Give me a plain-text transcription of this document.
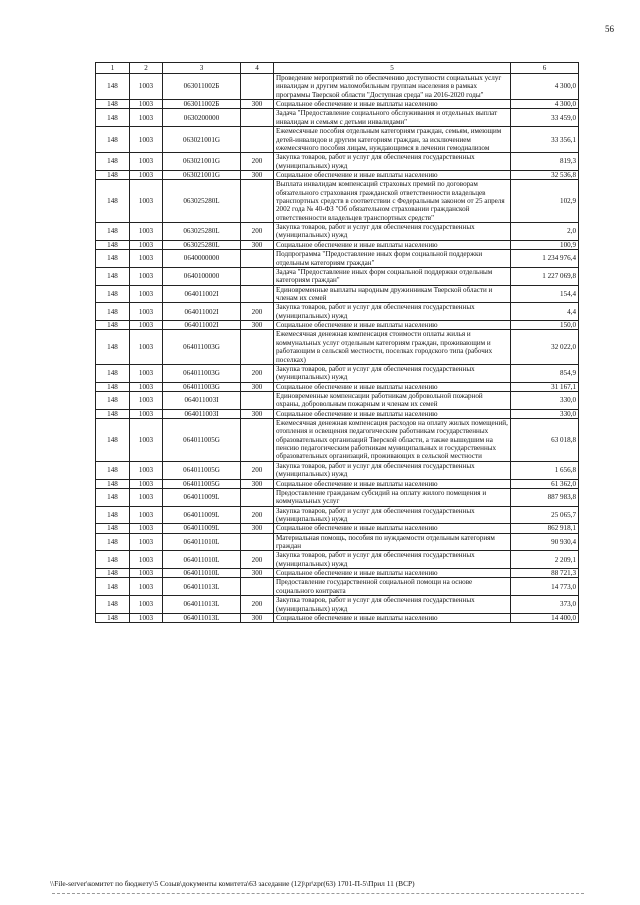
56
1	2	3	4	5	6
148	1003	063011002Б		Проведение мероприятий по обеспечению доступности социальных услуг инвалидам и другим маломобильным группам населения в рамках программы Тверской области "Доступная среда" на 2016-2020 годы"	4 300,0
148	1003	063011002Б	300	Социальное обеспечение и иные выплаты населению	4 300,0
148	1003	0630200000		Задача "Предоставление социального обслуживания и отдельных выплат инвалидам и семьям с детьми инвалидами"	33 459,0
148	1003	063021001G		Ежемесячные пособия отдельным категориям граждан, семьям, имеющим детей-инвалидов и другим категориям граждан, за исключением ежемесячного пособия лицам, нуждающимся в лечении гемодиализом	33 356,1
148	1003	063021001G	200	Закупка товаров, работ и услуг для обеспечения государственных (муниципальных) нужд	819,3
148	1003	063021001G	300	Социальное обеспечение и иные выплаты населению	32 536,8
148	1003	063025280L		Выплата инвалидам компенсаций страховых премий по договорам обязательного страхования гражданской ответственности владельцев транспортных средств в соответствии с Федеральным законом от 25 апреля 2002 года № 40-ФЗ "Об обязательном страховании гражданской ответственности владельцев транспортных средств"	102,9
148	1003	063025280L	200	Закупка товаров, работ и услуг для обеспечения государственных (муниципальных) нужд	2,0
148	1003	063025280L	300	Социальное обеспечение и иные выплаты населению	100,9
148	1003	0640000000		Подпрограмма "Предоставление иных форм социальной поддержки отдельным категориям граждан"	1 234 976,4
148	1003	0640100000		Задача "Предоставление иных форм социальной поддержки отдельным категориям граждан"	1 227 069,8
148	1003	064011002I		Единовременные выплаты народным дружинникам Тверской области и членам их семей	154,4
148	1003	064011002I	200	Закупка товаров, работ и услуг для обеспечения государственных (муниципальных) нужд	4,4
148	1003	064011002I	300	Социальное обеспечение и иные выплаты населению	150,0
148	1003	064011003G		Ежемесячная денежная компенсация стоимости оплаты жилья и коммунальных услуг отдельным категориям граждан, проживающим и работающим в сельской местности, поселках городского типа (рабочих поселках)	32 022,0
148	1003	064011003G	200	Закупка товаров, работ и услуг для обеспечения государственных (муниципальных) нужд	854,9
148	1003	064011003G	300	Социальное обеспечение и иные выплаты населению	31 167,1
148	1003	064011003I		Единовременные компенсации работникам добровольной пожарной охраны, добровольным пожарным и членам их семей	330,0
148	1003	064011003I	300	Социальное обеспечение и иные выплаты населению	330,0
148	1003	064011005G		Ежемесячная денежная компенсация расходов на оплату жилых помещений, отопления и освещения педагогическим работникам государственных образовательных организаций Тверской области, а также вышедшим на пенсию педагогическим работникам муниципальных и государственных образовательных организаций, проживающих в сельской местности	63 018,8
148	1003	064011005G	200	Закупка товаров, работ и услуг для обеспечения государственных (муниципальных) нужд	1 656,8
148	1003	064011005G	300	Социальное обеспечение и иные выплаты населению	61 362,0
148	1003	064011009L		Предоставление гражданам субсидий на оплату жилого помещения и коммунальных услуг	887 983,8
148	1003	064011009L	200	Закупка товаров, работ и услуг для обеспечения государственных (муниципальных) нужд	25 065,7
148	1003	064011009L	300	Социальное обеспечение и иные выплаты населению	862 918,1
148	1003	064011010L		Материальная помощь, пособия по нуждаемости отдельным категориям граждан	90 930,4
148	1003	064011010L	200	Закупка товаров, работ и услуг для обеспечения государственных (муниципальных) нужд	2 209,1
148	1003	064011010L	300	Социальное обеспечение и иные выплаты населению	88 721,3
148	1003	064011013L		Предоставление государственной социальной помощи на основе социального контракта	14 773,0
148	1003	064011013L	200	Закупка товаров, работ и услуг для обеспечения государственных (муниципальных) нужд	373,0
148	1003	064011013L	300	Социальное обеспечение и иные выплаты населению	14 400,0
\\File-server\комитет по бюджету\5 Созыв\документы комитета\63 заседание (12)\pr\zpr(63) 1701-П-5\Прил 11 (ВСР)
